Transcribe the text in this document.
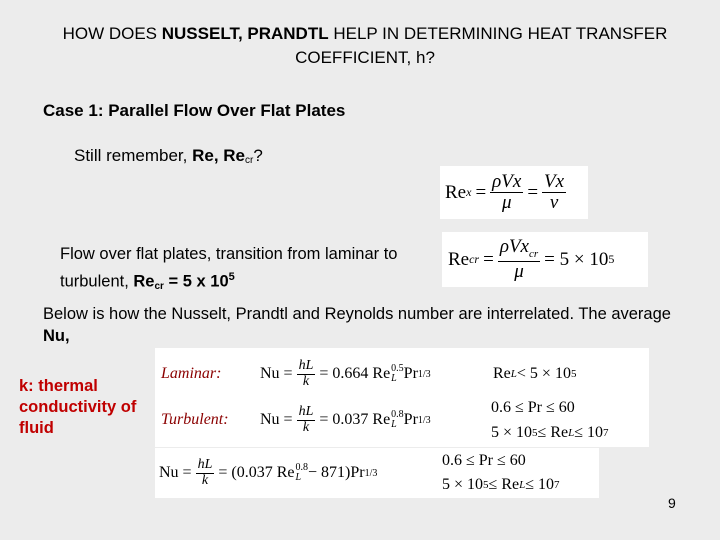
HOW DOES NUSSELT, PRANDTL HELP IN DETERMINING HEAT TRANSFER COEFFICIENT, h?
Case 1: Parallel Flow Over Flat Plates
Still remember, Re, $Re_{cr}$?
Re $x = \frac{\text{ρVx}}{\mu} = \frac{Vx}{v}$
Flow over flat plates, transition from laminar to
turbulent, $Re_{cr} = 5$ x $10^5$
Re cr = $\frac{\rho Vx_{cr}}{\mu} = 5 \times 10$ 5
Below is how the Nusselt, Prandtl and Reynolds number are interrelated. The average Nu,
k: thermal conductivity of fluid
Laminar: $Nu = \frac{hL}{k} = 0.664$ Re 0.5
L Pr 1/3	Re L < 5 × 10 5
Turbulent: $Nu = \frac{hL}{k} = 0.037$ Re 0.8
L Pr 1/3
0.6 ≤ Pr ≤ 60
5 × 10 5 ≤ Re L ≤ 10 7
$Nu = \frac{hL}{k} = (0.037$ Re 0.8
L − 871)Pr 1/3
0.6 ≤ Pr ≤ 60
5 × 10 5 ≤ Re L ≤ 10 7
9
